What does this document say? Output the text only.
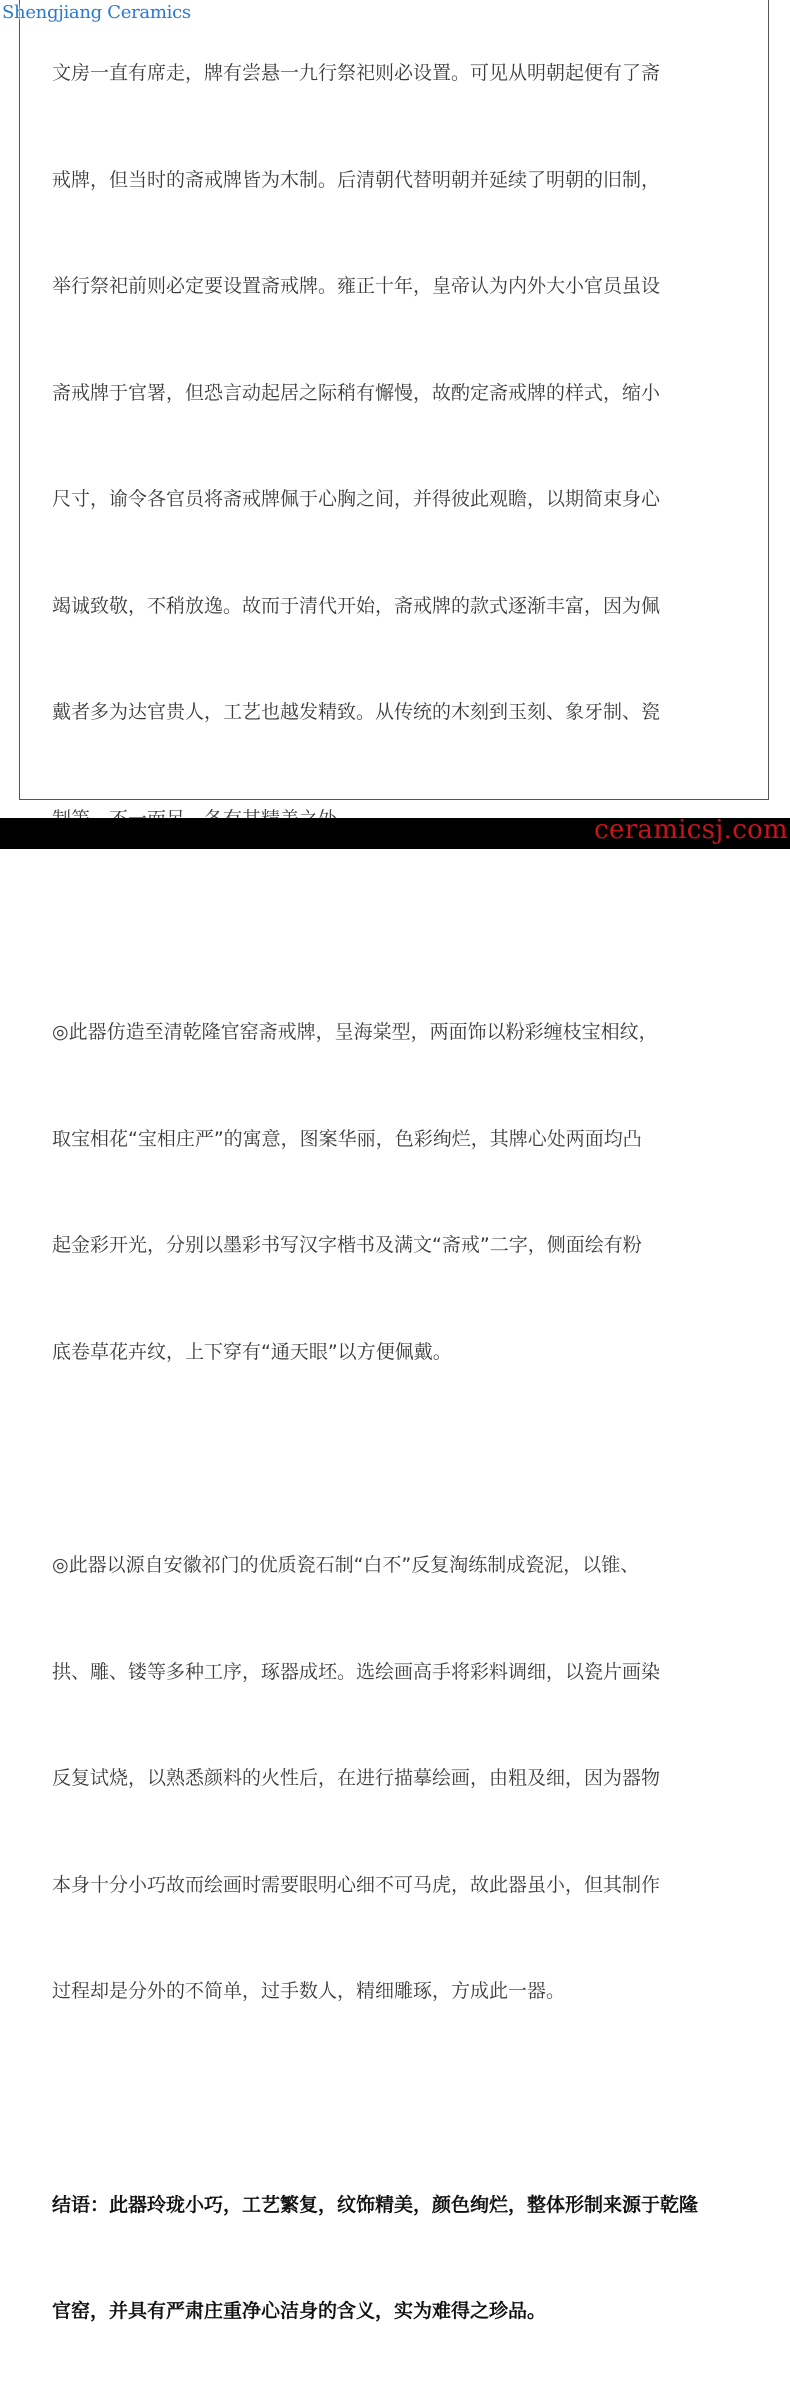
文房一直有席走，牌有尝悬一九行祭祀则必设置。可见从明朝起便有了斋

戒牌，但当时的斋戒牌皆为木制。后清朝代替明朝并延续了明朝的旧制，

举行祭祀前则必定要设置斋戒牌。雍正十年，皇帝认为内外大小官员虽设

斋戒牌于官署，但恐言动起居之际稍有懈慢，故酌定斋戒牌的样式，缩小

尺寸，谕令各官员将斋戒牌佩于心胸之间，并得彼此观瞻，以期简束身心

竭诚致敬，不稍放逸。故而于清代开始，斋戒牌的款式逐渐丰富，因为佩

戴者多为达官贵人，工艺也越发精致。从传统的木刻到玉刻、象牙制、瓷

◎此器仿造至清乾隆官窑斋戒牌，呈海棠型，两面饰以粉彩缠枝宝相纹，

取宝相花“宝相庄严”的寓意，图案华丽，色彩绚烂，其牌心处两面均凸

起金彩开光，分别以墨彩书写汉字楷书及满文“斋戒”二字，侧面绘有粉

底卷草花卉纹，上下穿有“通天眼”以方便佩戴。

◎此器以源自安徽祁门的优质瓷石制“白不”反复淘练制成瓷泥，以锥、

拱、雕、镂等多种工序，琢器成坯。选绘画高手将彩料调细，以瓷片画染

反复试烧，以熟悉颜料的火性后，在进行描摹绘画，由粗及细，因为器物

本身十分小巧故而绘画时需要眼明心细不可马虎，故此器虽小，但其制作

过程却是分外的不简单，过手数人，精细雕琢，方成此一器。

结语：此器玲珑小巧，工艺繁复，纹饰精美，颜色绚烂，整体形制来源于乾隆

官窑，并具有严肃庄重净心洁身的含义，实为难得之珍品。

Shengjiang Ceramics
ceramicsj.com
